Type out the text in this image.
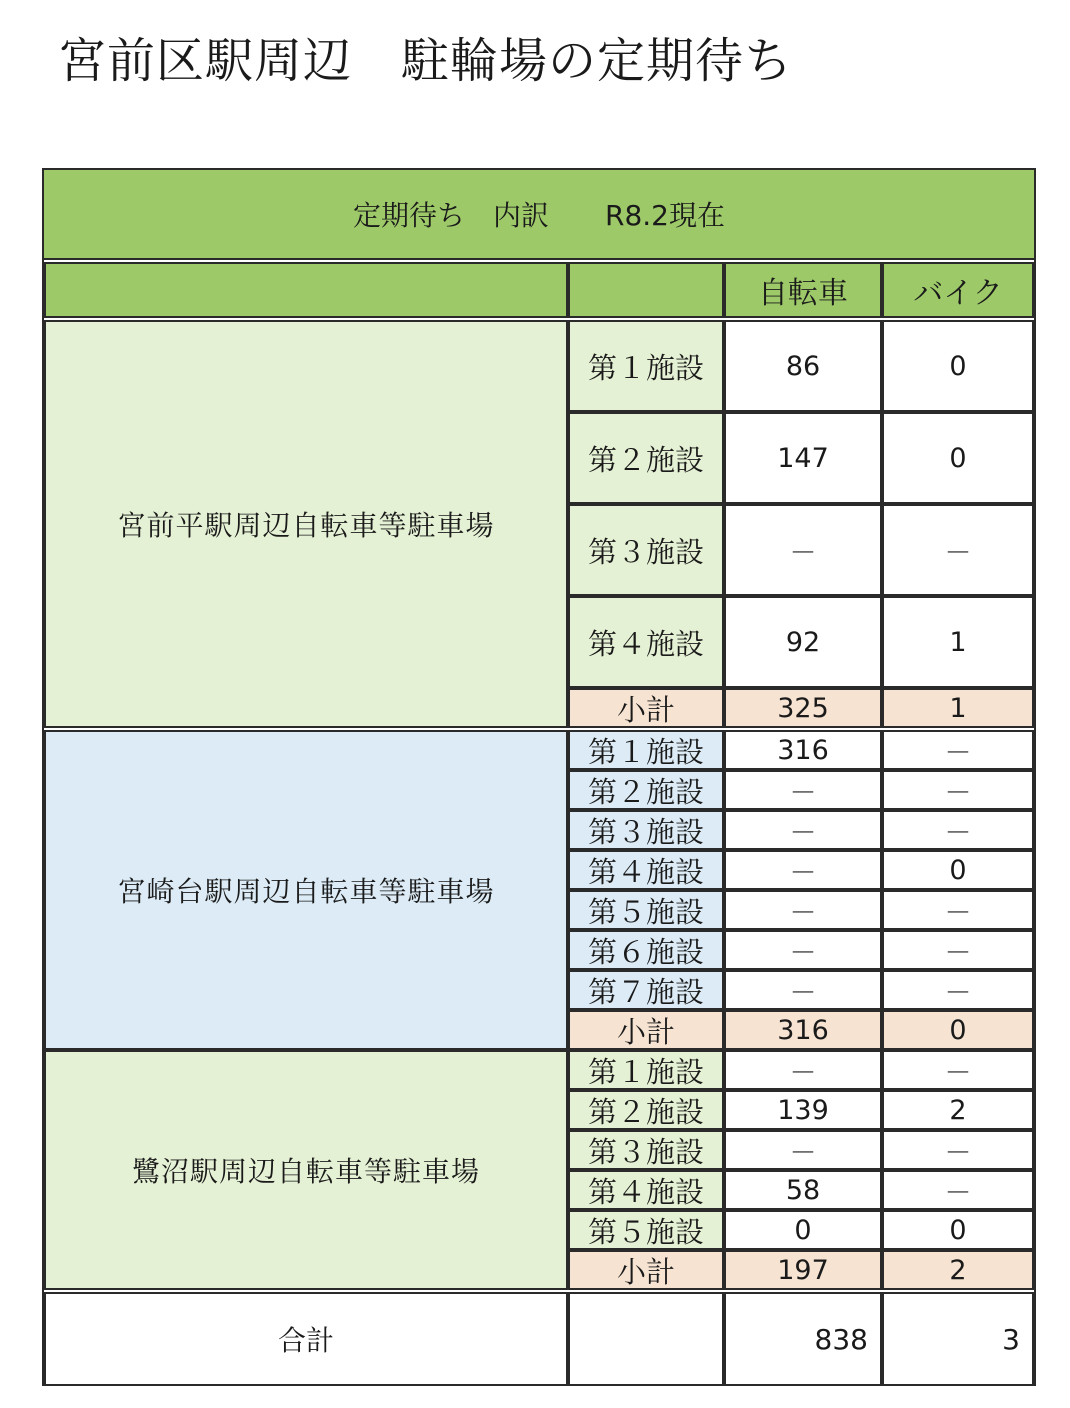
宮前区駅周辺　駐輪場の定期待ち
定期待ち　内訳　　R8.2現在
自転車	バイク
宮前平駅周辺自転車等駐車場
第１施設	86	0
第２施設	147	0
第３施設	－	－
第４施設	92	1
小計	325	1
宮崎台駅周辺自転車等駐車場
第１施設	316	－
第２施設	－	－
第３施設	－	－
第４施設	－	0
第５施設	－	－
第６施設	－	－
第７施設	－	－
小計	316	0
鷺沼駅周辺自転車等駐車場
第１施設	－	－
第２施設	139	2
第３施設	－	－
第４施設	58	－
第５施設	0	0
小計	197	2
合計	838	3
